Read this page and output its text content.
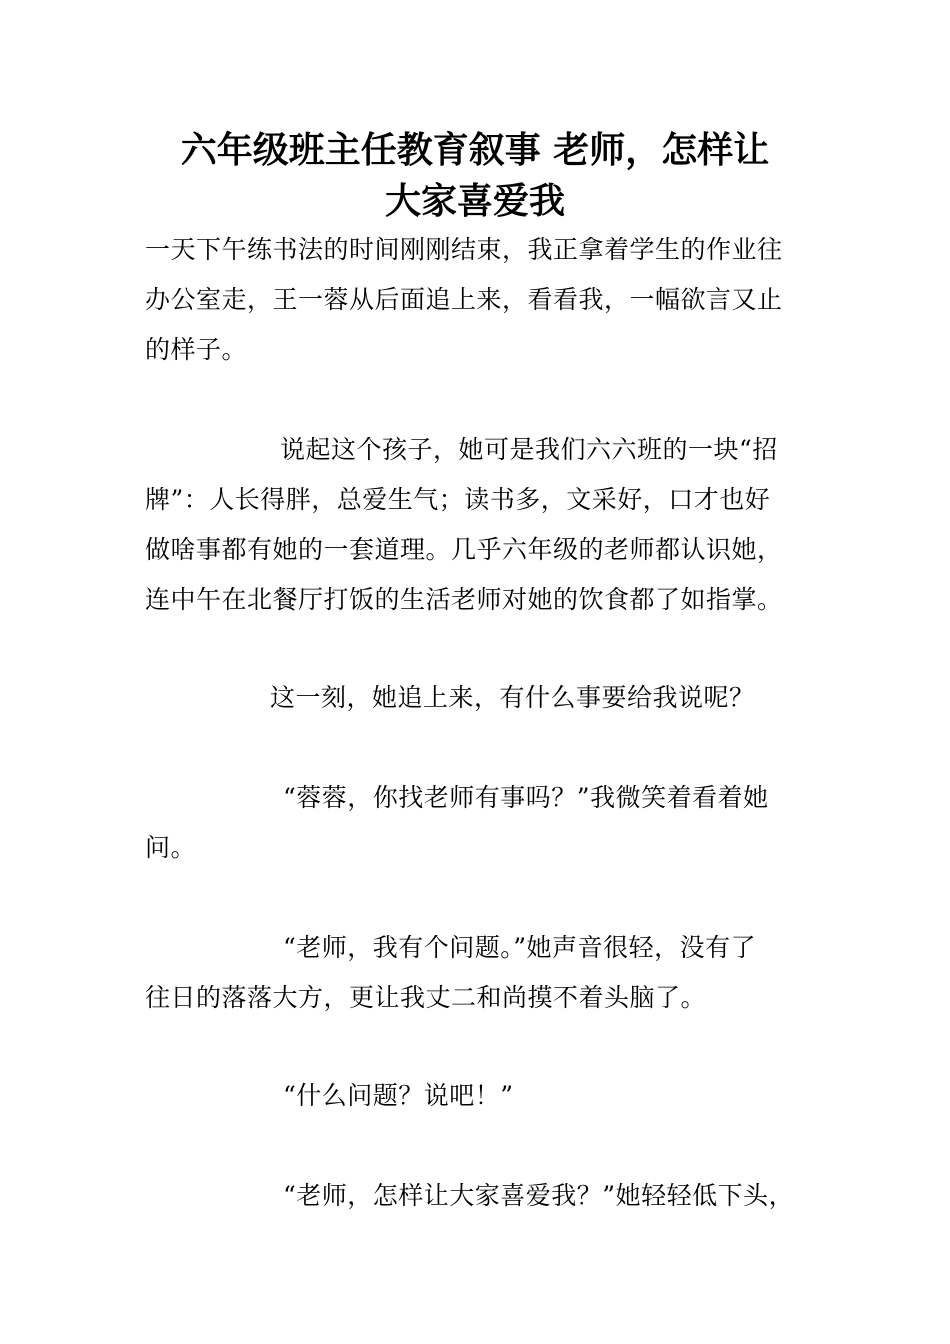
六年级班主任教育叙事 老师，怎样让
大家喜爱我
一天下午练书法的时间刚刚结束，我正拿着学生的作业往
办公室走，王一蓉从后面追上来，看看我，一幅欲言又止
的样子。
说起这个孩子，她可是我们六六班的一块“招
牌”：人长得胖，总爱生气；读书多，文采好，口才也好
做啥事都有她的一套道理。几乎六年级的老师都认识她，
连中午在北餐厅打饭的生活老师对她的饮食都了如指掌。
这一刻，她追上来，有什么事要给我说呢？
“蓉蓉，你找老师有事吗？”我微笑着看着她
问。
“老师，我有个问题。”她声音很轻，没有了
往日的落落大方，更让我丈二和尚摸不着头脑了。
“什么问题？说吧！”
“老师，怎样让大家喜爱我？”她轻轻低下头，
